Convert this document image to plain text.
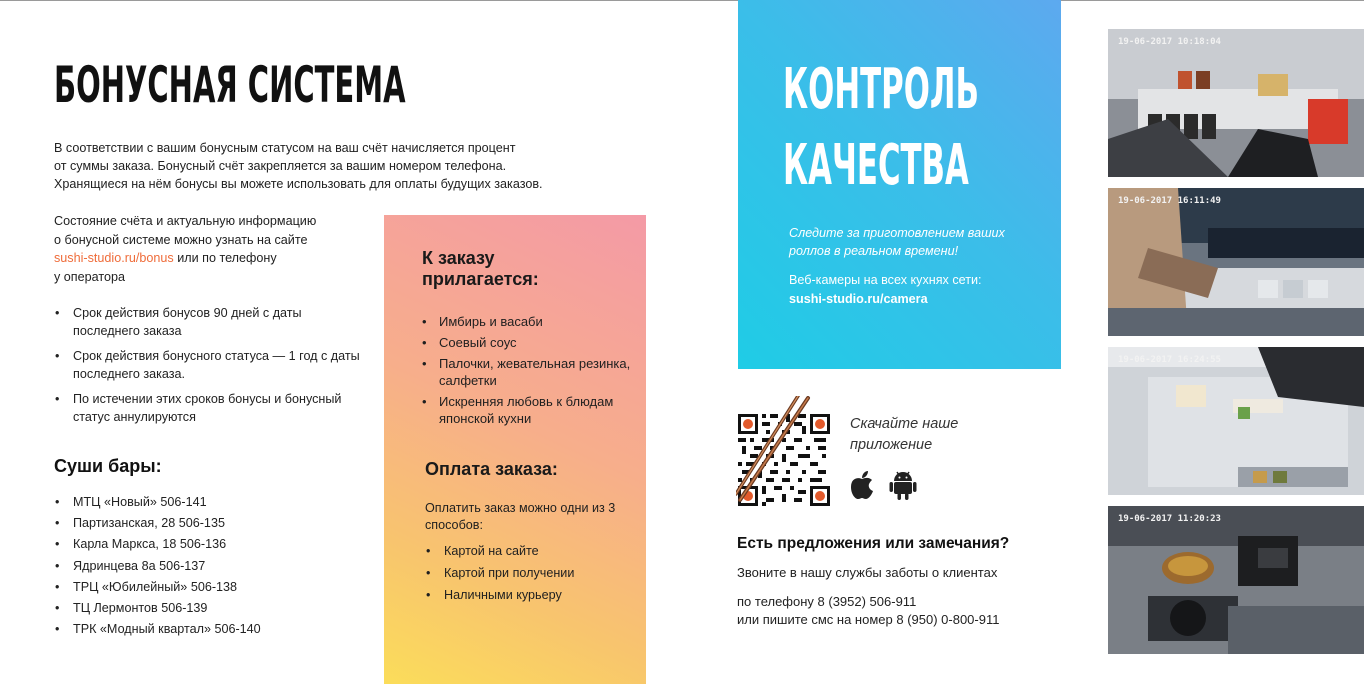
БОНУСНАЯ СИСТЕМА

В соответствии с вашим бонусным статусом на ваш счёт начисляется процент

от суммы заказа. Бонусный счёт закрепляется за вашим номером телефона.

Хранящиеся на нём бонусы вы можете использовать для оплаты будущих заказов.

Состояние счёта и актуальную информацию

о бонусной системе можно узнать на сайте

sushi-studio.ru/bonus или по телефону

у оператора

• Срок действия бонусов 90 дней с даты последнего заказа
• Срок действия бонусного статуса — 1 год с даты последнего заказа.
• По истечении этих сроков бонусы и бонусный статус аннулируются
Суши бары:
• МТЦ «Новый» 506-141
• Партизанская, 28 506-135
• Карла Маркса, 18 506-136
• Ядринцева 8а 506-137
• ТРЦ «Юбилейный» 506-138
• ТЦ Лермонтов 506-139
• ТРК «Модный квартал» 506-140
К заказу
прилагается:
• Имбирь и васаби
• Соевый соус
• Палочки, жевательная резинка, салфетки
• Искренняя любовь к блюдам японской кухни
Оплата заказа:
Оплатить заказ можно одни из 3 способов:
• Картой на сайте
• Картой при получении
• Наличными курьеру
КОНТРОЛЬ
КАЧЕСТВА
Следите за приготовлением ваших роллов в реальном времени!
Веб-камеры на всех кухнях сети:
sushi-studio.ru/camera
Скачайте наше
приложение
Есть предложения или замечания?
Звоните в нашу службы заботы о клиентах
по телефону 8 (3952) 506-911
или пишите смс на номер 8 (950) 0-800-911
19-06-2017 10:18:04
19-06-2017 16:11:49
19-06-2017 16:24:55
19-06-2017 11:20:23
